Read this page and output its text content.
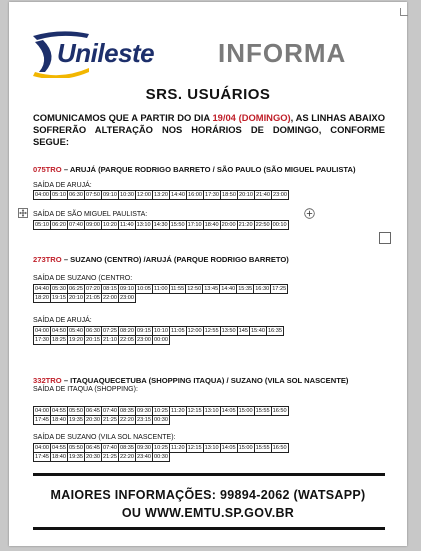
Unileste INFORMA
SRS. USUÁRIOS
COMUNICAMOS QUE A PARTIR DO DIA 19/04 (DOMINGO), AS LINHAS ABAIXO SOFRERÃO ALTERAÇÃO NOS HORÁRIOS DE DOMINGO, CONFORME SEGUE:
075TRO – ARUJÁ (PARQUE RODRIGO BARRETO / SÃO PAULO (SÃO MIGUEL PAULISTA)
SAÍDA DE ARUJÁ:
04:00	05:10	06:30	07:50	09:10	10:30	12:00	13:20	14:40	16:00	17:30	18:50	20:10	21:40	23:00
SAÍDA DE SÃO MIGUEL PAULISTA:
05:10	06:20	07:40	09:00	10:20	11:40	13:10	14:30	15:50	17:10	18:40	20:00	21:20	22:50	00:10
273TRO – SUZANO (CENTRO) /ARUJÁ (PARQUE RODRIGO BARRETO)
SAÍDA DE SUZANO (CENTRO:
04:40	05:30	06:25	07:20	08:15	09:10	10:05	11:00	11:55	12:50	13:45	14:40	15:35	16:30	17:25
18:20	19:15	20:10	21:05	22:00	23:00									
SAÍDA DE ARUJÁ:
04:00	04:50	05:40	06:30	07:25	08:20	09:15	10:10	11:05	12:00	12:55	13:50	145	15:40	16:35
17:30	18:25	19:20	20:15	21:10	22:05	23:00	00:00							
332TRO – ITAQUAQUECETUBA (SHOPPING ITAQUA) / SUZANO (VILA SOL NASCENTE)
SAÍDA DE ITAQUA (SHOPPING):
04:00	04:55	05:50	06:45	07:40	08:35	09:30	10:25	11:20	12:15	13:10	14:05	15:00	15:55	16:50
17:45	18:40	19:35	20:30	21:25	22:20	23:15	00:30							
SAÍDA DE SUZANO (VILA SOL NASCENTE):
04:00	04:55	05:50	06:45	07:40	08:35	09:30	10:25	11:20	12:15	13:10	14:05	15:00	15:55	16:50
17:45	18:40	19:35	20:30	21:25	22:20	23:40	00:30							
MAIORES INFORMAÇÕES: 99894-2062 (WATSAPP)
OU WWW.EMTU.SP.GOV.BR
